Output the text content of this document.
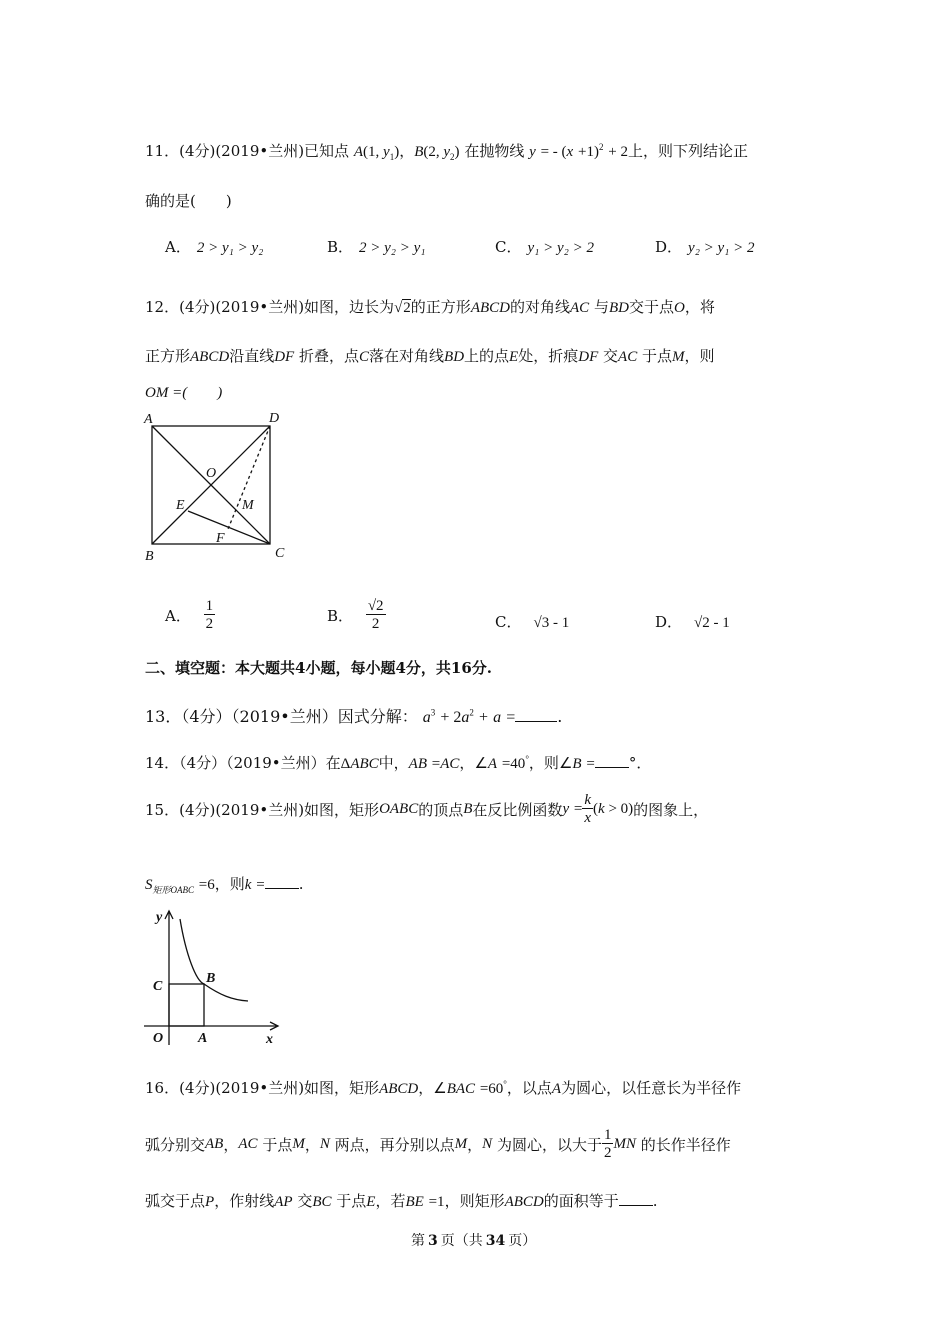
11．(4分)(2019•兰州)已知点 A(1, $y_1$)，B(2, $y_2$) 在抛物线 y = - $(x +1)^2 + 2$上，则下列结论正
确的是(　　)
A． 2 > y₁ > y₂	B． 2 > y₂ > y₁	C． y₁ > y₂ > 2	D． y₂ > y₁ > 2
12．(4分)(2019•兰州)如图，边长为√2的正方形ABCD的对角线AC 与BD交于点O，将
正方形ABCD沿直线DF 折叠，点C落在对角线BD上的点E处，折痕DF 交AC 于点M，则
OM =(　　)
A	D
O
E	M
F
B	C
A． $\frac{1}{2}$	B． $\frac{√2}{2}$	C． √3 - 1	D． √2 - 1
二、填空题：本大题共4小题，每小题4分，共16分.
13．（4分）（2019•兰州）因式分解： $a^3 + 2a^2 + a$ =	.
14．（4分）（2019•兰州）在ΔABC中，AB =AC，∠A =40°，则∠B = °．
15．(4分)(2019•兰州)如图，矩形OABC的顶点B在反比例函数$y = \frac{k}{x} (k > 0)$的图象上，
$S_{矩形OABC} =6$，则k = .
y
C
B
O A	x
16．(4分)(2019•兰州)如图，矩形ABCD，∠BAC =60°，以点A为圆心，以任意长为半径作
弧分别交AB，AC 于点M，N 两点，再分别以点M，N 为圆心，以大于 $\frac{1}{2}$ MN 的长作半径作
弧交于点P，作射线AP 交BC 于点E，若BE =1，则矩形ABCD的面积等于 .
第 3 页（共 34 页）
